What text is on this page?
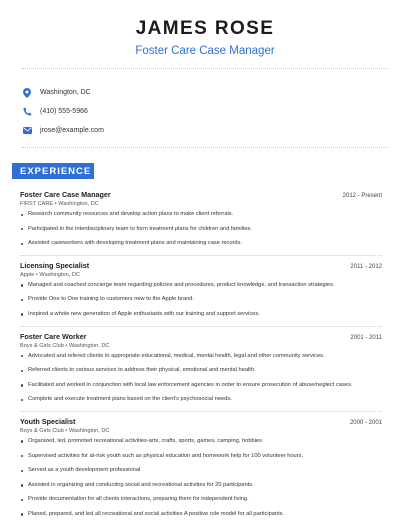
JAMES ROSE
Foster Care Case Manager
Washington, DC
(410) 555-5966
jrose@example.com
EXPERIENCE
Foster Care Case Manager	2012 - Present
FIRST CARE • Washington, DC
Research community resources and develop action plans to make client referrals.
Participated in the interdisciplinary team to form treatment plans for children and families.
Assisted caseworkers with developing treatment plans and maintaining case records.
Licensing Specialist	2011 - 2012
Apple • Washington, DC
Managed and coached concierge team regarding policies and procedures, product knowledge, and transaction strategies.
Provide One to One training to customers new to the Apple brand.
Inspired a whole new generation of Apple enthusiasts with our training and support services.
Foster Care Worker	2001 - 2011
Boys & Girls Club • Washington, DC
Advocated and refered clients to appropriate educational, medical, mental health, legal and other community services.
Referred clients to various services to address their physical, emotional and mental health.
Facilitated and worked in conjunction with local law enforcement agencies in order to ensure prosecution of abuse/neglect cases.
Complete and execute treatment plans based on the client's psychosocial needs.
Youth Specialist	2000 - 2001
Boys & Girls Club • Washington, DC
Organized, led, promoted recreational activities-arts, crafts, sports, games, camping, hobbies
Supervised activities for at-risk youth such as physical education and homework help for 100 volunteer hours.
Served as a youth development professional
Assisted in organizing and conducting social and recreational activities for 20 participants.
Provide documentation for all clients interactions, preparing them for independent living.
Planed, prepared, and led all recreational and social activities A positive role model for all participants.
